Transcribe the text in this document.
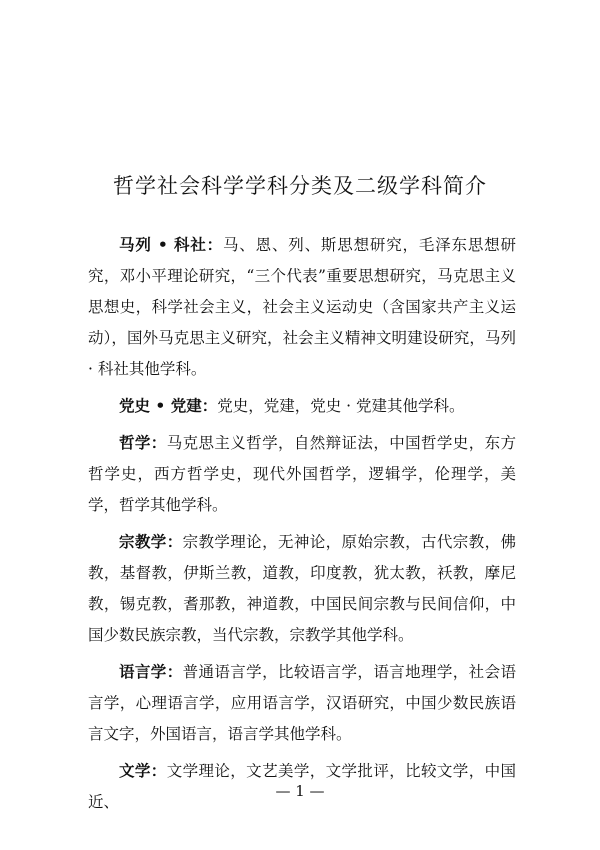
哲学社会科学学科分类及二级学科简介

马列 • 科社：马、恩、列、斯思想研究，毛泽东思想研究，邓小平理论研究，“三个代表”重要思想研究，马克思主义思想史，科学社会主义，社会主义运动史（含国家共产主义运动），国外马克思主义研究，社会主义精神文明建设研究，马列 · 科社其他学科。

党史 • 党建：党史，党建，党史 · 党建其他学科。

哲学：马克思主义哲学，自然辩证法，中国哲学史，东方哲学史，西方哲学史，现代外国哲学，逻辑学，伦理学，美学，哲学其他学科。

宗教学：宗教学理论，无神论，原始宗教，古代宗教，佛教，基督教，伊斯兰教，道教，印度教，犹太教，袄教，摩尼教，锡克教，耆那教，神道教，中国民间宗教与民间信仰，中国少数民族宗教，当代宗教，宗教学其他学科。

语言学：普通语言学，比较语言学，语言地理学，社会语言学，心理语言学，应用语言学，汉语研究，中国少数民族语言文字，外国语言，语言学其他学科。

文学：文学理论，文艺美学，文学批评，比较文学，中国近、

— 1 —
